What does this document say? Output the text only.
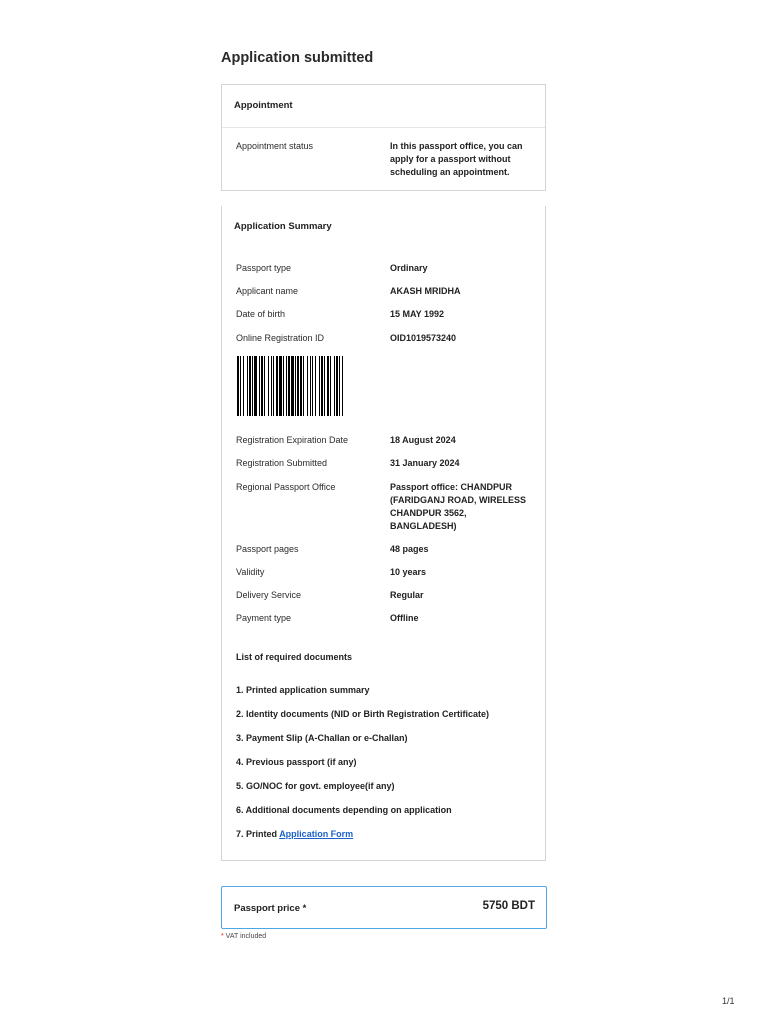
Application submitted
Appointment
Appointment status	In this passport office, you can apply for a passport without scheduling an appointment.
Application Summary
Passport type	Ordinary
Applicant name	AKASH MRIDHA
Date of birth	15 MAY 1992
Online Registration ID	OID1019573240
Registration Expiration Date	18 August 2024
Registration Submitted	31 January 2024
Regional Passport Office	Passport office: CHANDPUR (FARIDGANJ ROAD, WIRELESS CHANDPUR 3562, BANGLADESH)
Passport pages	48 pages
Validity	10 years
Delivery Service	Regular
Payment type	Offline
List of required documents
1. Printed application summary
2. Identity documents (NID or Birth Registration Certificate)
3. Payment Slip (A-Challan or e-Challan)
4. Previous passport (if any)
5. GO/NOC for govt. employee(if any)
6. Additional documents depending on application
7. Printed Application Form
Passport price *	5750 BDT
* VAT included
1/1
